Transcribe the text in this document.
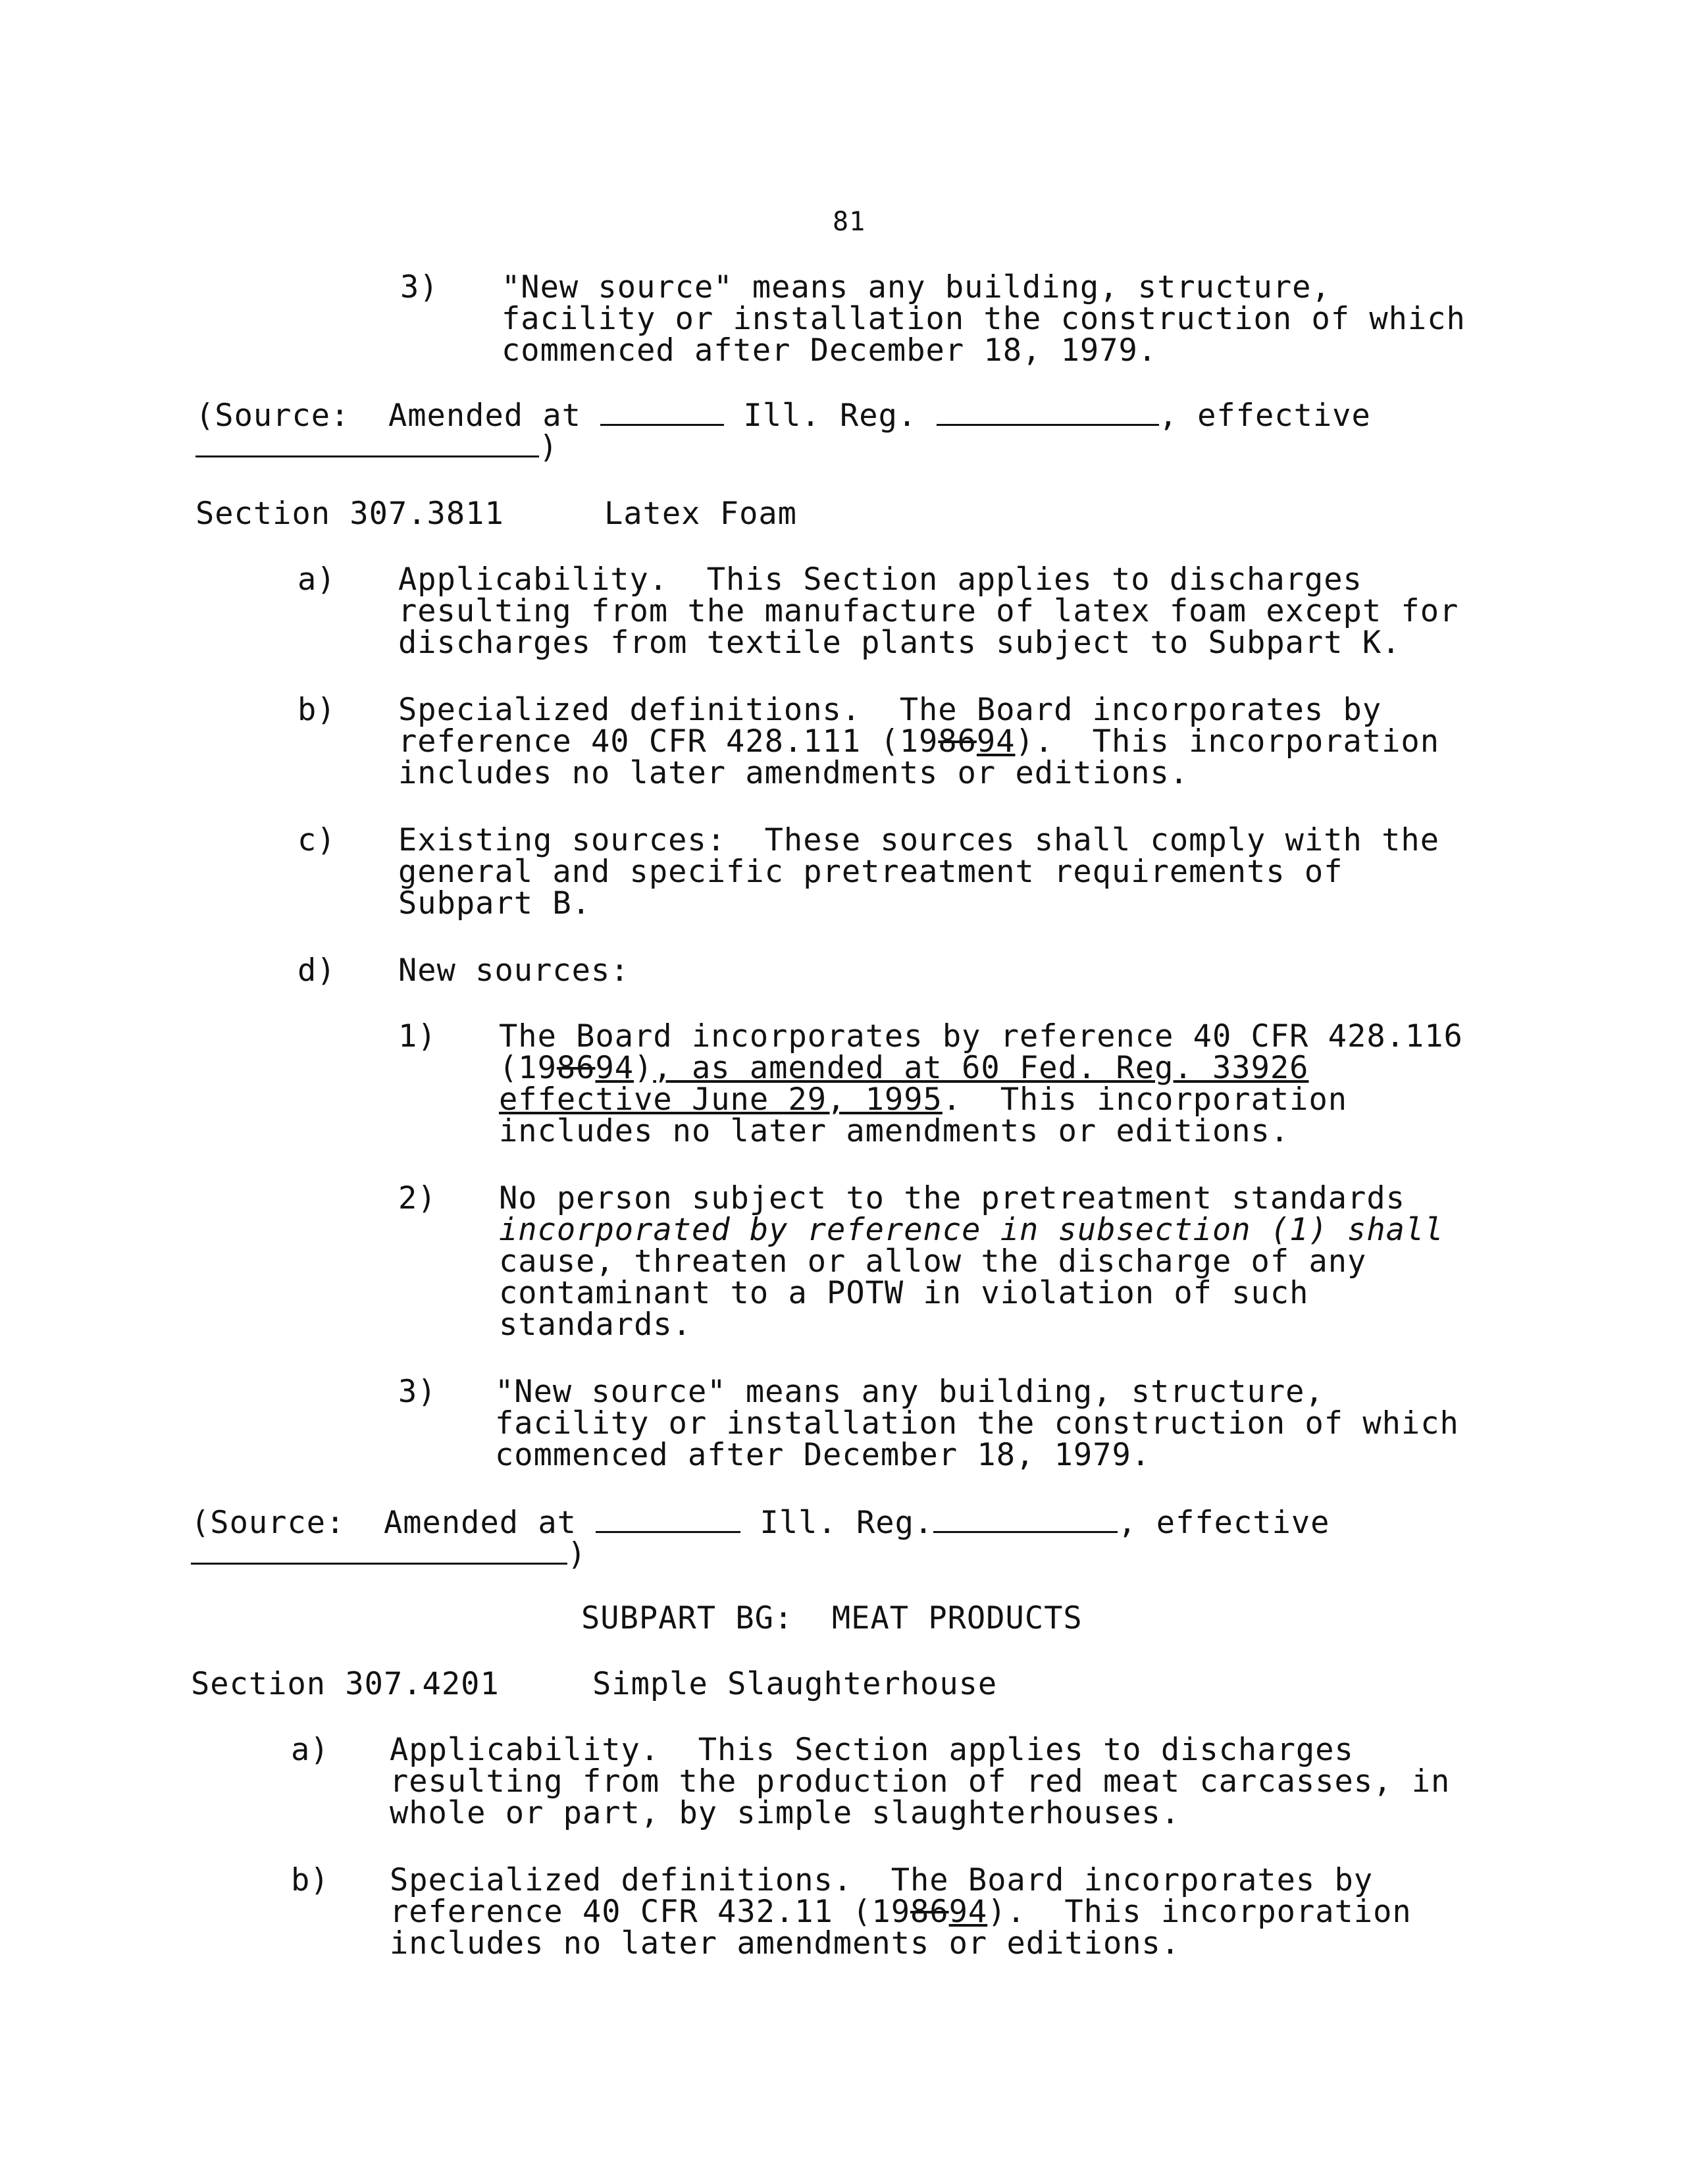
81
3) "New source" means any building, structure,
facility or installation the construction of which
commenced after December 18, 1979.
(Source: Amended at	Ill. Reg.	, effective
)
Section 307.3811	Latex Foam
a) Applicability.  This Section applies to discharges
resulting from the manufacture of latex foam except for
discharges from textile plants subject to Subpart K.
b) Specialized definitions.  The Board incorporates by
reference 40 CFR 428.111 (198694).  This incorporation
includes no later amendments or editions.
c) Existing sources:  These sources shall comply with the
general and specific pretreatment requirements of
Subpart B.
d) New sources:
1) The Board incorporates by reference 40 CFR 428.116
(198694), as amended at 60 Fed. Reg. 33926
effective June 29, 1995.  This incorporation
includes no later amendments or editions.
2) No person subject to the pretreatment standards
incorporated by reference in subsection (1) shall
cause, threaten or allow the discharge of any
contaminant to a POTW in violation of such
standards.
3) "New source" means any building, structure,
facility or installation the construction of which
commenced after December 18, 1979.
(Source: Amended at	Ill. Reg.	, effective
)
SUBPART BG:  MEAT PRODUCTS
Section 307.4201	Simple Slaughterhouse
a) Applicability.  This Section applies to discharges
resulting from the production of red meat carcasses, in
whole or part, by simple slaughterhouses.
b) Specialized definitions.  The Board incorporates by
reference 40 CFR 432.11 (198694).  This incorporation
includes no later amendments or editions.
